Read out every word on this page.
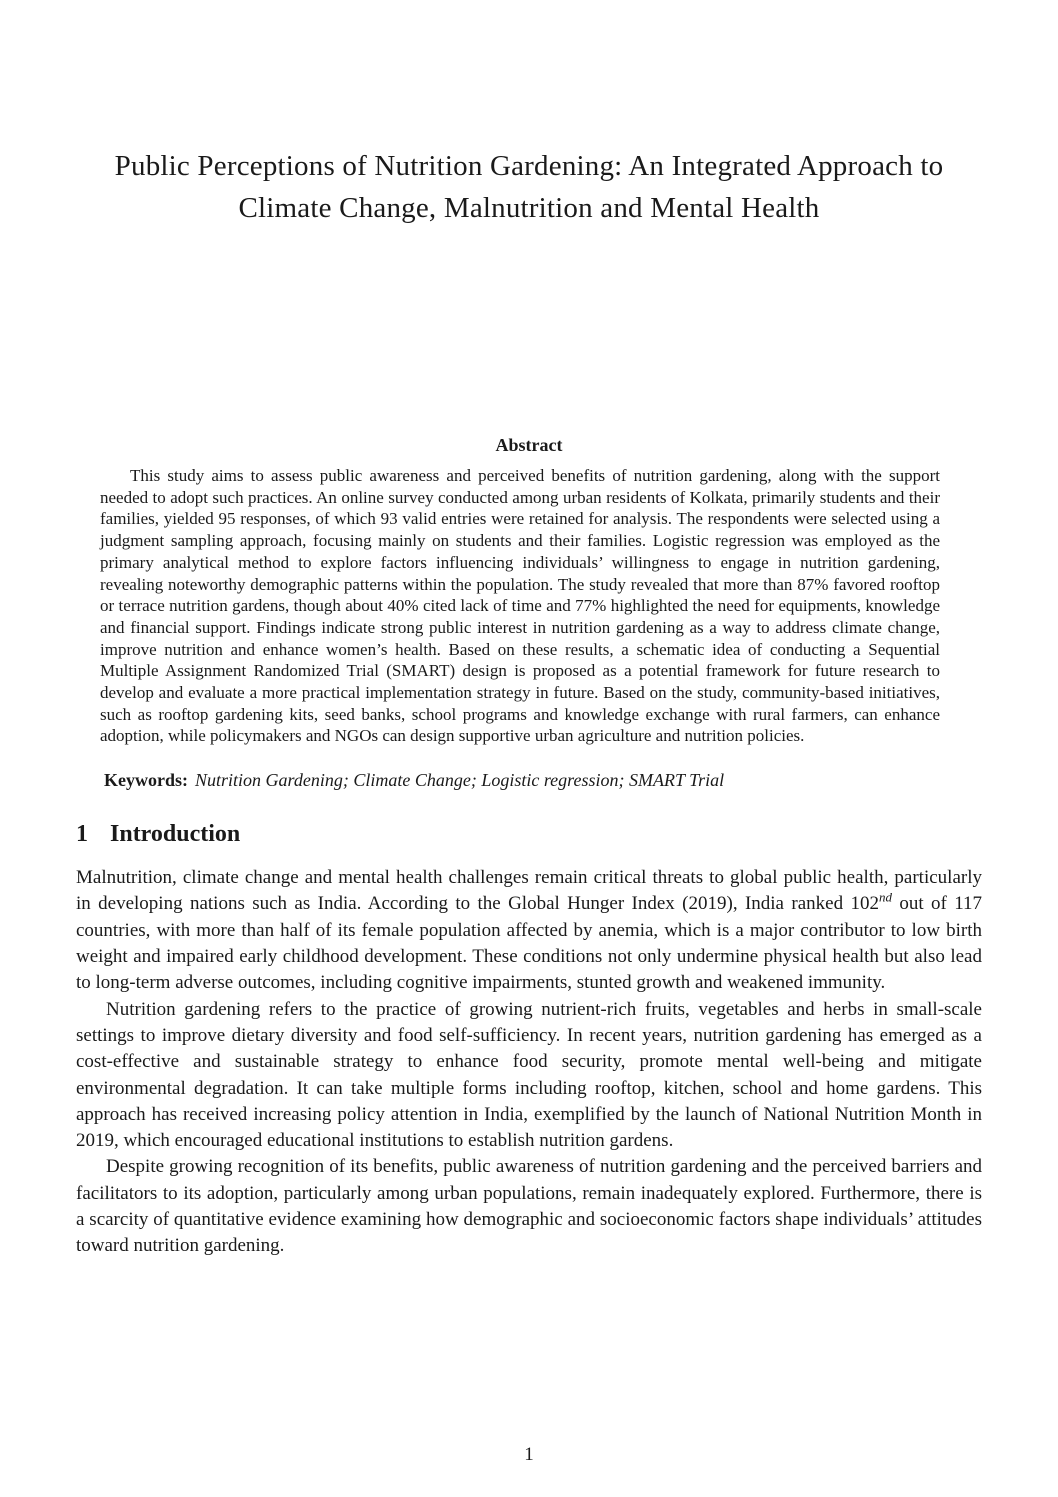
Public Perceptions of Nutrition Gardening: An Integrated Approach to
Climate Change, Malnutrition and Mental Health
Abstract

This study aims to assess public awareness and perceived benefits of nutrition gardening, along with the support needed to adopt such practices. An online survey conducted among urban residents of Kolkata, primarily students and their families, yielded 95 responses, of which 93 valid entries were retained for analysis. The respondents were selected using a judgment sampling approach, focusing mainly on students and their families. Logistic regression was employed as the primary analytical method to explore factors influencing individuals’ willingness to engage in nutrition gardening, revealing noteworthy demographic patterns within the population. The study revealed that more than 87% favored rooftop or terrace nutrition gardens, though about 40% cited lack of time and 77% highlighted the need for equipments, knowledge and financial support. Findings indicate strong public interest in nutrition gardening as a way to address climate change, improve nutrition and enhance women’s health. Based on these results, a schematic idea of conducting a Sequential Multiple Assignment Randomized Trial (SMART) design is proposed as a potential framework for future research to develop and evaluate a more practical implementation strategy in future. Based on the study, community-based initiatives, such as rooftop gardening kits, seed banks, school programs and knowledge exchange with rural farmers, can enhance adoption, while policymakers and NGOs can design supportive urban agriculture and nutrition policies.

Keywords: Nutrition Gardening; Climate Change; Logistic regression; SMART Trial

1 Introduction

Malnutrition, climate change and mental health challenges remain critical threats to global public health, particularly in developing nations such as India. According to the Global Hunger Index (2019), India ranked 102nd out of 117 countries, with more than half of its female population affected by anemia, which is a major contributor to low birth weight and impaired early childhood development. These conditions not only undermine physical health but also lead to long-term adverse outcomes, including cognitive impairments, stunted growth and weakened immunity.

Nutrition gardening refers to the practice of growing nutrient-rich fruits, vegetables and herbs in small-scale settings to improve dietary diversity and food self-sufficiency. In recent years, nutrition gardening has emerged as a cost-effective and sustainable strategy to enhance food security, promote mental well-being and mitigate environmental degradation. It can take multiple forms including rooftop, kitchen, school and home gardens. This approach has received increasing policy attention in India, exemplified by the launch of National Nutrition Month in 2019, which encouraged educational institutions to establish nutrition gardens.

Despite growing recognition of its benefits, public awareness of nutrition gardening and the perceived barriers and facilitators to its adoption, particularly among urban populations, remain inadequately explored. Furthermore, there is a scarcity of quantitative evidence examining how demographic and socioeconomic factors shape individuals’ attitudes toward nutrition gardening.

1
